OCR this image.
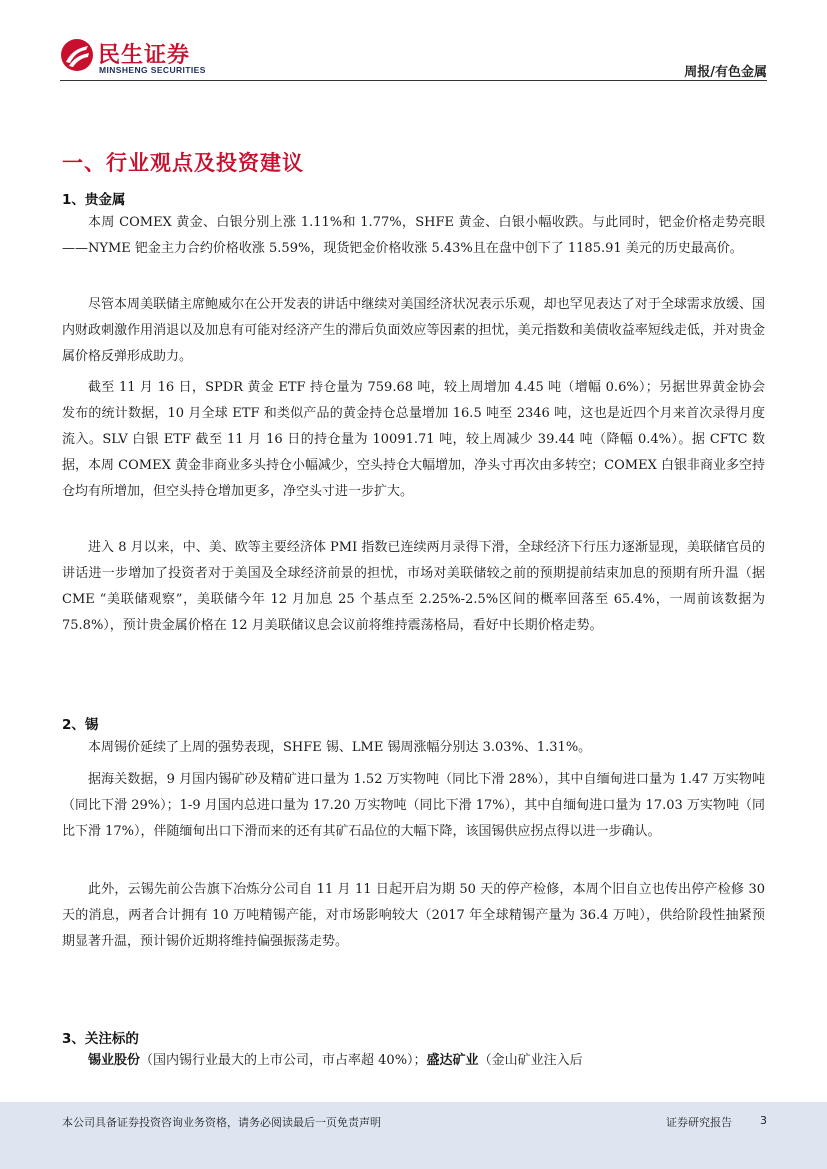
民生证券
MINSHENG SECURITIES	周报/有色金属
一、行业观点及投资建议
1、贵金属

本周 COMEX 黄金、白银分别上涨 1.11%和 1.77%，SHFE 黄金、白银小幅收跌。与此同时，钯金价格走势亮眼——NYME 钯金主力合约价格收涨 5.59%，现货钯金价格收涨 5.43%且在盘中创下了 1185.91 美元的历史最高价。

尽管本周美联储主席鲍威尔在公开发表的讲话中继续对美国经济状况表示乐观，却也罕见表达了对于全球需求放缓、国内财政刺激作用消退以及加息有可能对经济产生的滞后负面效应等因素的担忧，美元指数和美债收益率短线走低，并对贵金属价格反弹形成助力。

截至 11 月 16 日，SPDR 黄金 ETF 持仓量为 759.68 吨，较上周增加 4.45 吨（增幅 0.6%）；另据世界黄金协会发布的统计数据，10 月全球 ETF 和类似产品的黄金持仓总量增加 16.5 吨至 2346 吨，这也是近四个月来首次录得月度流入。SLV 白银 ETF 截至 11 月 16 日的持仓量为 10091.71 吨，较上周减少 39.44 吨（降幅 0.4%）。据 CFTC 数据，本周 COMEX 黄金非商业多头持仓小幅减少，空头持仓大幅增加，净头寸再次由多转空；COMEX 白银非商业多空持仓均有所增加，但空头持仓增加更多，净空头寸进一步扩大。

进入 8 月以来，中、美、欧等主要经济体 PMI 指数已连续两月录得下滑，全球经济下行压力逐渐显现，美联储官员的讲话进一步增加了投资者对于美国及全球经济前景的担忧，市场对美联储较之前的预期提前结束加息的预期有所升温（据 CME “美联储观察”，美联储今年 12 月加息 25 个基点至 2.25%-2.5%区间的概率回落至 65.4%，一周前该数据为 75.8%），预计贵金属价格在 12 月美联储议息会议前将维持震荡格局，看好中长期价格走势。

2、锡

本周锡价延续了上周的强势表现，SHFE 锡、LME 锡周涨幅分别达 3.03%、1.31%。

据海关数据，9 月国内锡矿砂及精矿进口量为 1.52 万实物吨（同比下滑 28%），其中自缅甸进口量为 1.47 万实物吨（同比下滑 29%）；1-9 月国内总进口量为 17.20 万实物吨（同比下滑 17%），其中自缅甸进口量为 17.03 万实物吨（同比下滑 17%），伴随缅甸出口下滑而来的还有其矿石品位的大幅下降，该国锡供应拐点得以进一步确认。

此外，云锡先前公告旗下冶炼分公司自 11 月 11 日起开启为期 50 天的停产检修，本周个旧自立也传出停产检修 30 天的消息，两者合计拥有 10 万吨精锡产能，对市场影响较大（2017 年全球精锡产量为 36.4 万吨），供给阶段性抽紧预期显著升温，预计锡价近期将维持偏强振荡走势。

3、关注标的

锡业股份（国内锡行业最大的上市公司，市占率超 40%）；盛达矿业（金山矿业注入后

本公司具备证券投资咨询业务资格，请务必阅读最后一页免责声明	证券研究报告	3
